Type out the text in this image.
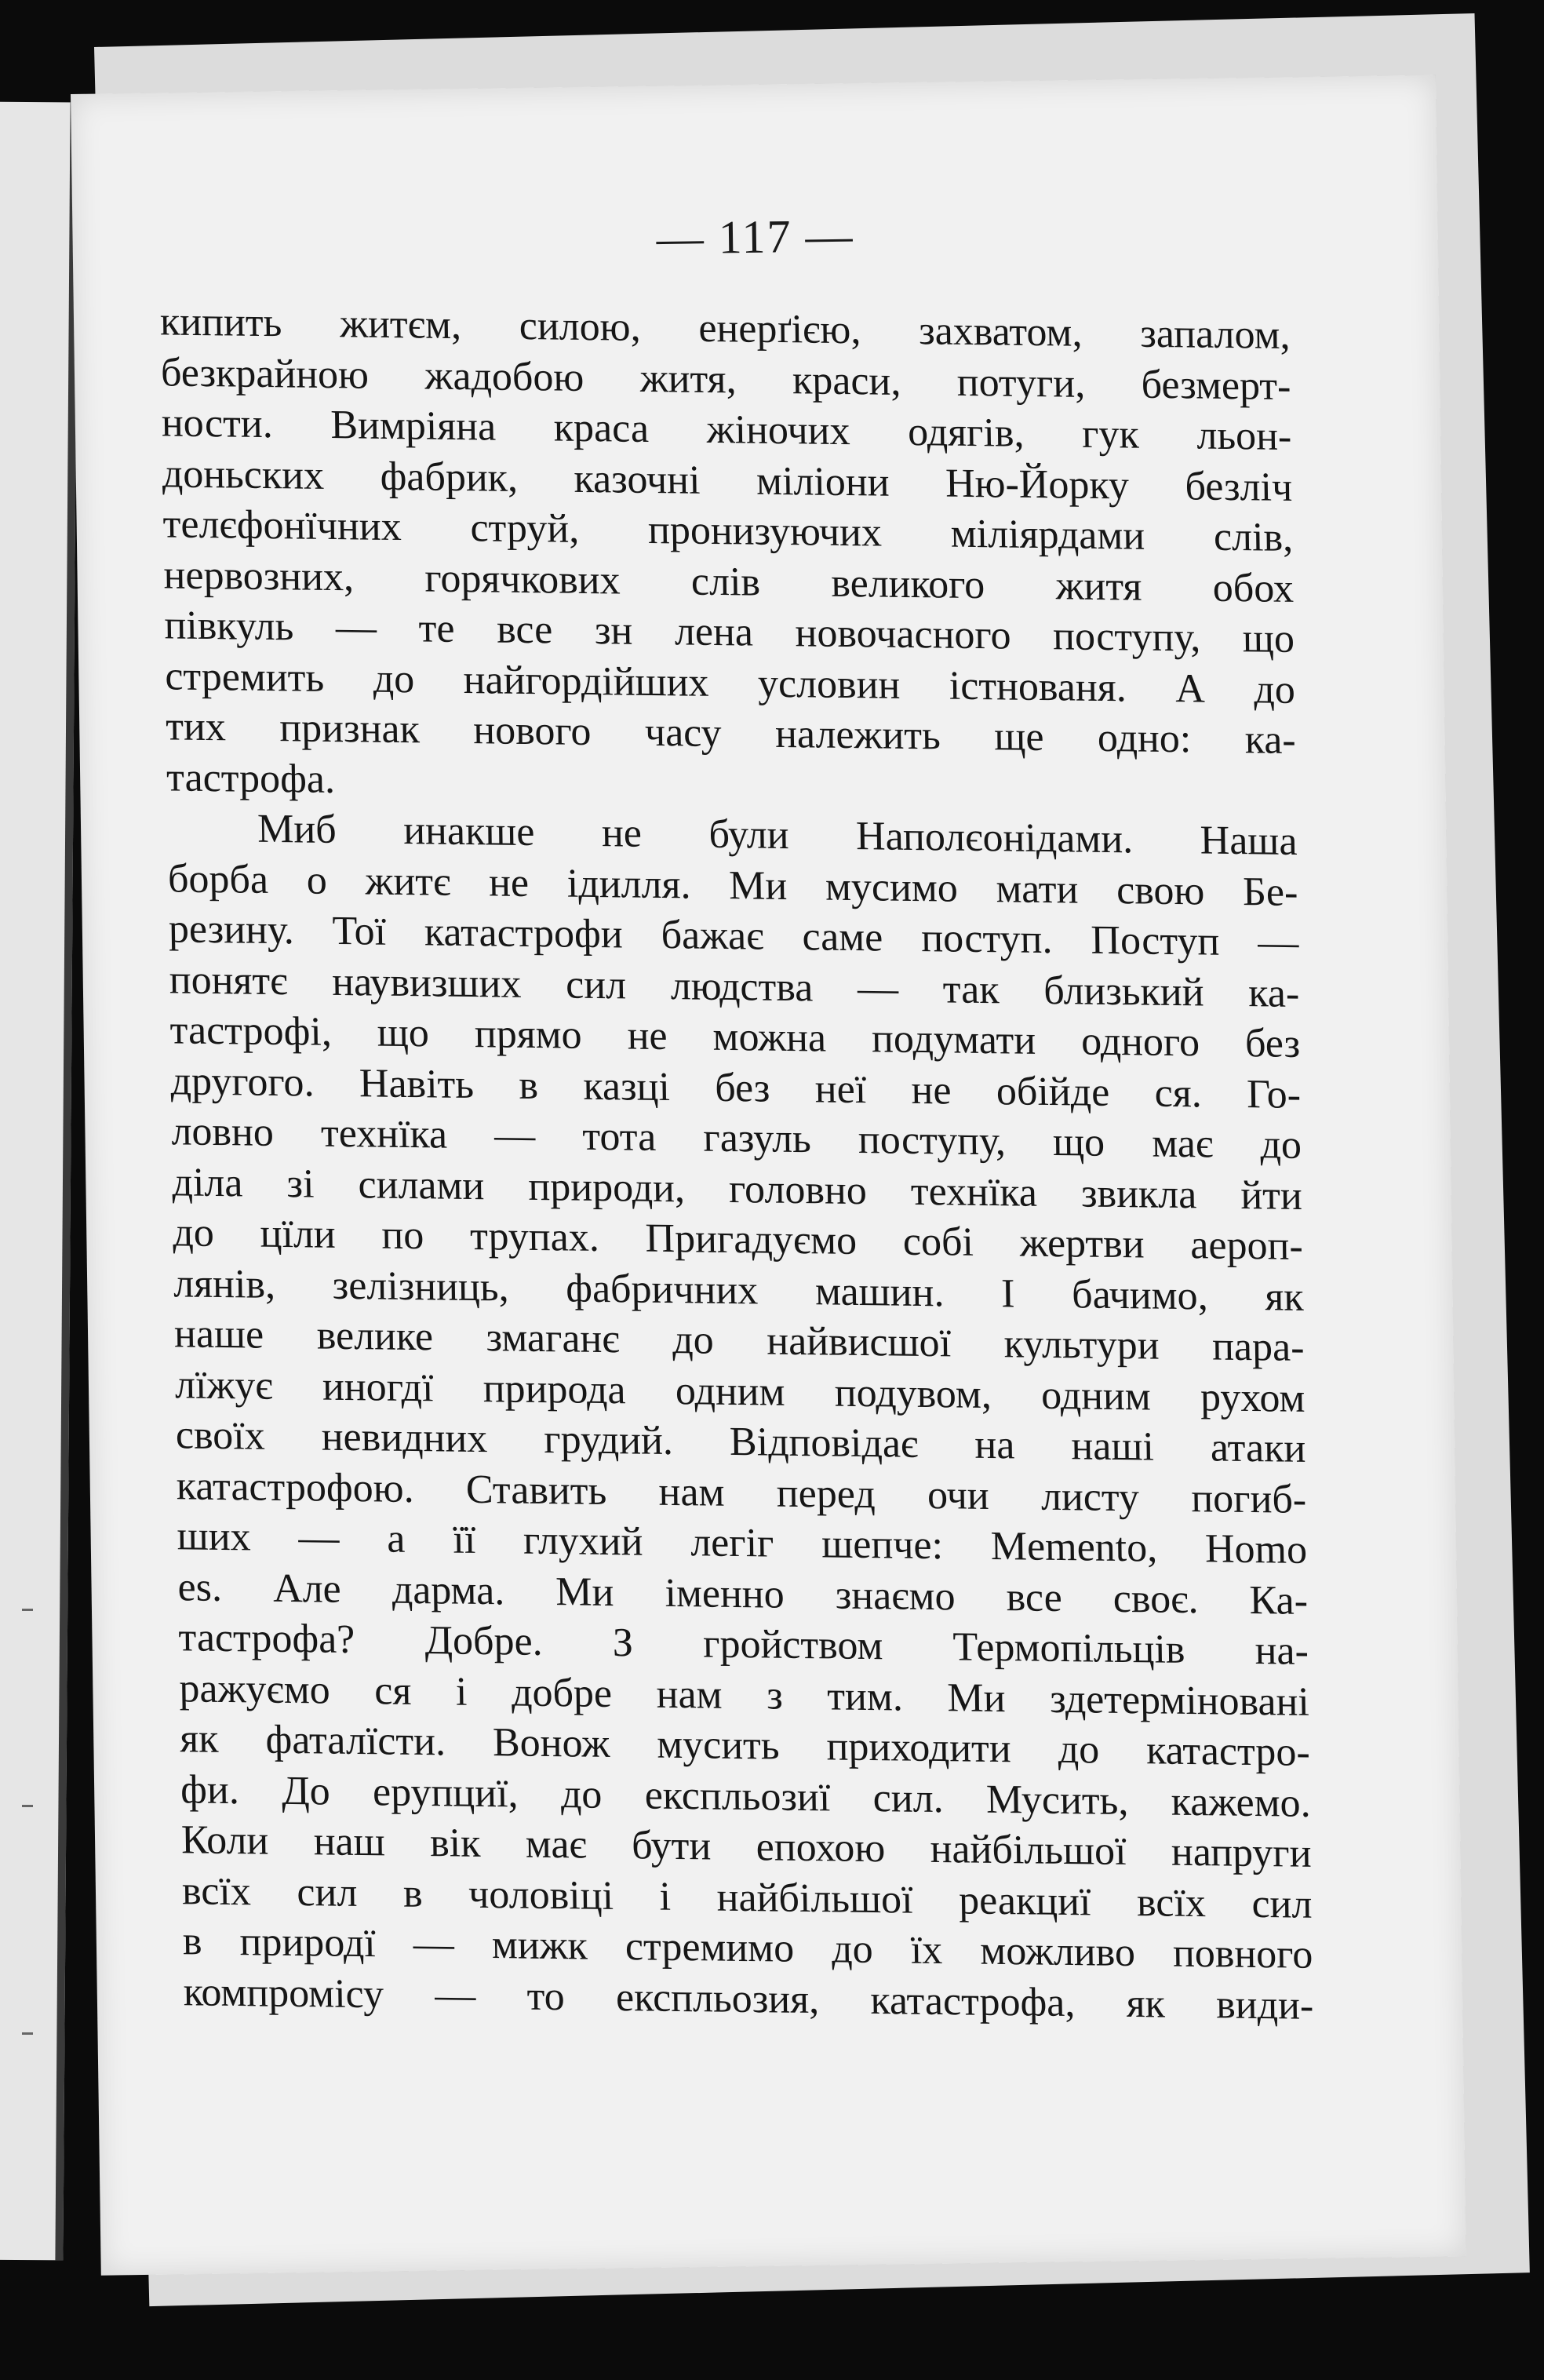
— 117 —
кипить житєм, силою, енерґією, захватом, запалом,
безкрайною жадобою житя, краси, потуги, безмерт-
ности. Вимріяна краса жіночих одягів, гук льон-
доньских фабрик, казочні міліони Ню-Йорку безліч
телєфонїчних струй, пронизуючих міліярдами слів,
нервозних, горячкових слів великого житя обох
півкуль — те все зн лена новочасного поступу, що
стремить до найгордійших условин істнованя. А до
тих признак нового часу належить ще одно: ка-
тастрофа.
Миб инакше не були Наполєонідами. Наша
борба о житє не ідилля. Ми мусимо мати свою Бе-
резину. Тої катастрофи бажає саме поступ. Поступ —
понятє наувизших сил людства — так близький ка-
тастрофі, що прямо не можна подумати одного без
другого. Навіть в казці без неї не обійде ся. Го-
ловно технїка — тота газуль поступу, що має до
діла зі силами природи, головно технїка звикла йти
до цїли по трупах. Пригадуємо собі жертви аероп-
лянів, зелізниць, фабричних машин. І бачимо, як
наше велике змаганє до найвисшої культури пара-
лїжує иногдї природа одним подувом, одним рухом
своїх невидних грудий. Відповідає на наші атаки
катастрофою. Ставить нам перед очи листу погиб-
ших — а її глухий легіг шепче: Memento, Homo
es. Але дарма. Ми іменно знаємо все своє. Ка-
тастрофа? Добре. З гройством Термопільців на-
ражуємо ся і добре нам з тим. Ми здетерміновані
як фаталїсти. Вонож мусить приходити до катастро-
фи. До ерупциї, до експльозиї сил. Мусить, кажемо.
Коли наш вік має бути епохою найбільшої напруги
всїх сил в чоловіці і найбільшої реакциї всїх сил
в природї — мижк стремимо до їх можливо повного
компромісу — то експльозия, катастрофа, як види-
